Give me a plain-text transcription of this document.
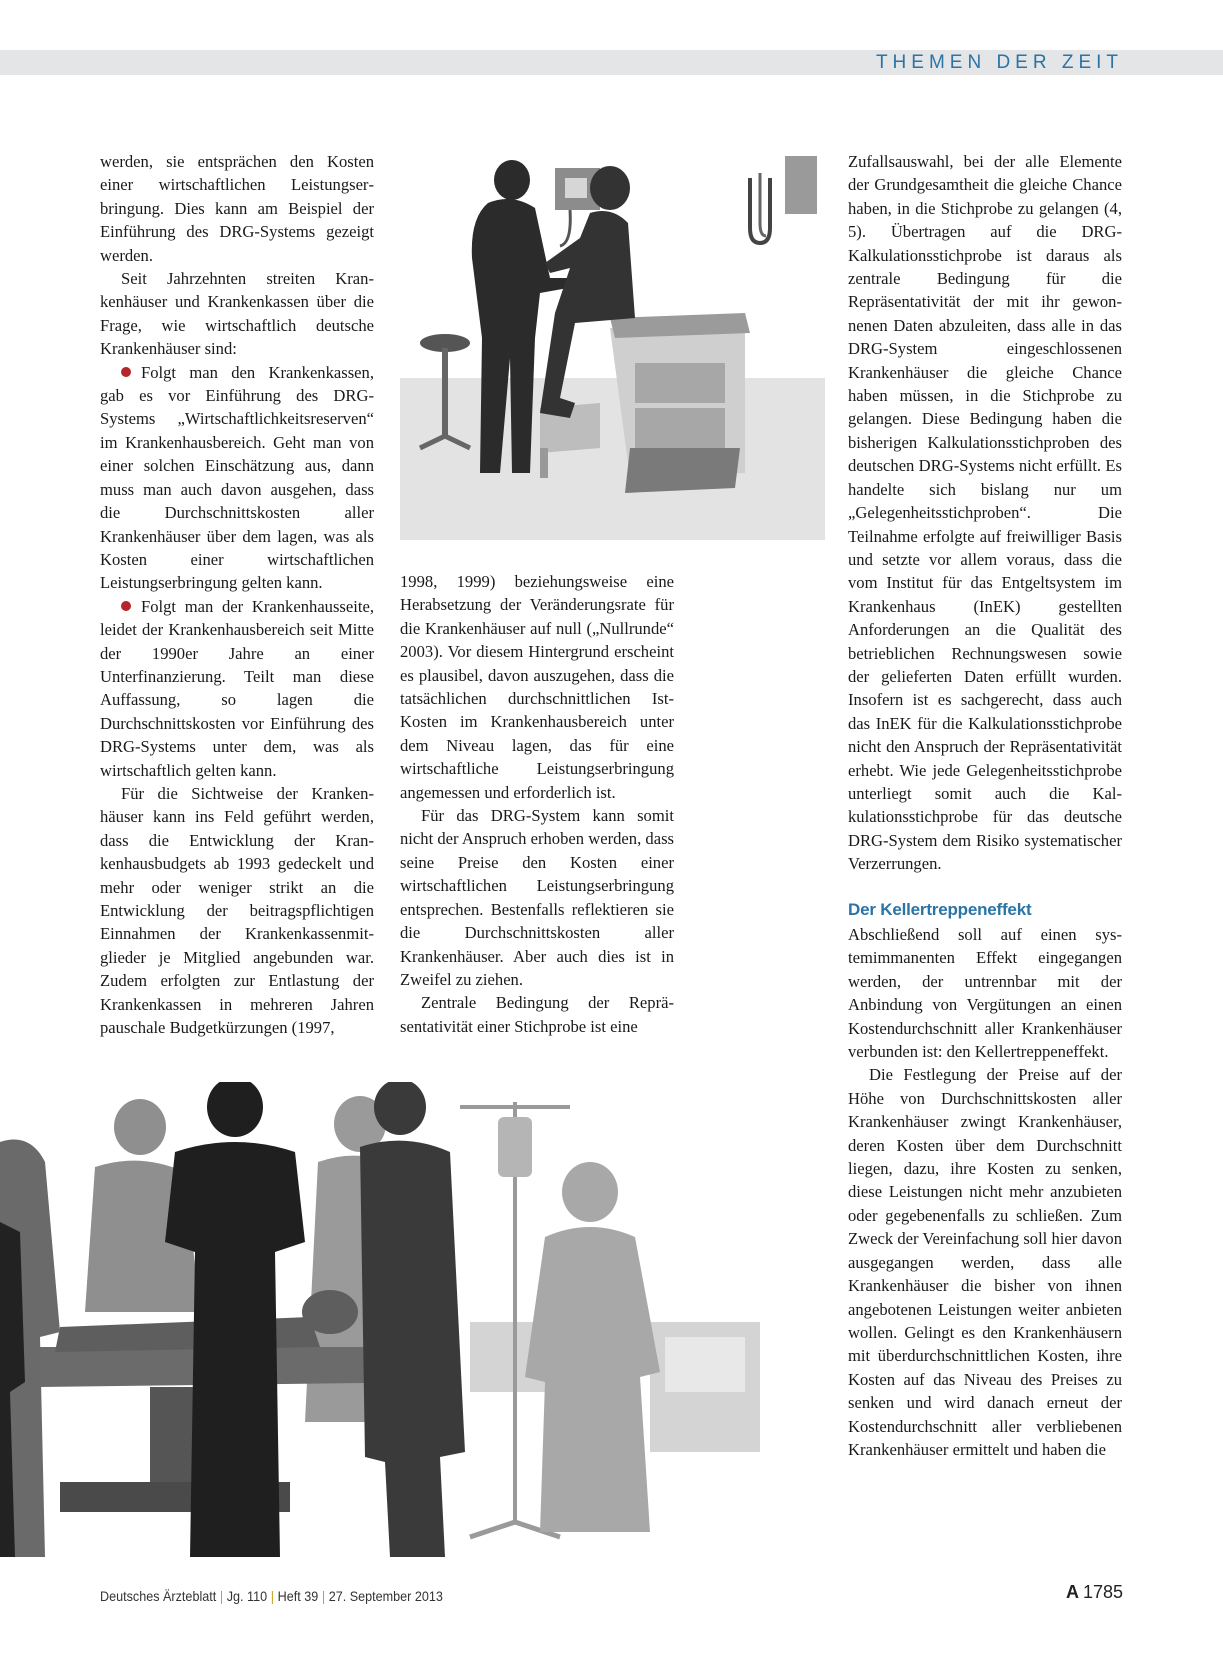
THEMEN DER ZEIT

werden, sie entsprächen den Kosten einer wirtschaftlichen Leistungserbringung. Dies kann am Beispiel der Einführung des DRG-Systems gezeigt werden.

Seit Jahrzehnten streiten Krankenhäuser und Krankenkassen über die Frage, wie wirtschaftlich deutsche Krankenhäuser sind:

Folgt man den Krankenkassen, gab es vor Einführung des DRG-Systems „Wirtschaftlichkeitsreserven“ im Krankenhausbereich. Geht man von einer solchen Einschätzung aus, dann muss man auch davon ausgehen, dass die Durchschnittskosten aller Krankenhäuser über dem lagen, was als Kosten einer wirtschaftlichen Leistungserbringung gelten kann.

Folgt man der Krankenhausseite, leidet der Krankenhausbereich seit Mitte der 1990er Jahre an einer Unterfinanzierung. Teilt man diese Auffassung, so lagen die Durchschnittskosten vor Einführung des DRG-Systems unter dem, was als wirtschaftlich gelten kann.

Für die Sichtweise der Krankenhäuser kann ins Feld geführt werden, dass die Entwicklung der Krankenhausbudgets ab 1993 gedeckelt und mehr oder weniger strikt an die Entwicklung der beitragspflichtigen Einnahmen der Krankenkassenmitglieder je Mitglied angebunden war. Zudem erfolgten zur Entlastung der Krankenkassen in mehreren Jahren pauschale Budgetkürzungen (1997,

1998, 1999) beziehungsweise eine Herabsetzung der Veränderungsrate für die Krankenhäuser auf null („Nullrunde“ 2003). Vor diesem Hintergrund erscheint es plausibel, davon auszugehen, dass die tatsächlichen durchschnittlichen Ist-Kosten im Krankenhausbereich unter dem Niveau lagen, das für eine wirtschaftliche Leistungserbringung angemessen und erforderlich ist.

Für das DRG-System kann somit nicht der Anspruch erhoben werden, dass seine Preise den Kosten einer wirtschaftlichen Leistungserbringung entsprechen. Bestenfalls reflektieren sie die Durchschnittskosten aller Krankenhäuser. Aber auch dies ist in Zweifel zu ziehen.

Zentrale Bedingung der Repräsentativität einer Stichprobe ist eine

Zufallsauswahl, bei der alle Elemente der Grundgesamtheit die gleiche Chance haben, in die Stichprobe zu gelangen (4, 5). Übertragen auf die DRG-Kalkulationsstichprobe ist daraus als zentrale Bedingung für die Repräsentativität der mit ihr gewonnenen Daten abzuleiten, dass alle in das DRG-System eingeschlossenen Krankenhäuser die gleiche Chance haben müssen, in die Stichprobe zu gelangen. Diese Bedingung haben die bisherigen Kalkulationsstichproben des deutschen DRG-Systems nicht erfüllt. Es handelte sich bislang nur um „Gelegenheitsstichproben“. Die Teilnahme erfolgte auf freiwilliger Basis und setzte vor allem voraus, dass die vom Institut für das Entgeltsystem im Krankenhaus (InEK) gestellten Anforderungen an die Qualität des betrieblichen Rechnungswesen sowie der gelieferten Daten erfüllt wurden. Insofern ist es sachgerecht, dass auch das InEK für die Kalkulationsstichprobe nicht den Anspruch der Repräsentativität erhebt. Wie jede Gelegenheitsstichprobe unterliegt somit auch die Kalkulationsstichprobe für das deutsche DRG-System dem Risiko systematischer Verzerrungen.

Der Kellertreppeneffekt

Abschließend soll auf einen systemimmanenten Effekt eingegangen werden, der untrennbar mit der Anbindung von Vergütungen an einen Kostendurchschnitt aller Krankenhäuser verbunden ist: den Kellertreppeneffekt.

Die Festlegung der Preise auf der Höhe von Durchschnittskosten aller Krankenhäuser zwingt Krankenhäuser, deren Kosten über dem Durchschnitt liegen, dazu, ihre Kosten zu senken, diese Leistungen nicht mehr anzubieten oder gegebenenfalls zu schließen. Zum Zweck der Vereinfachung soll hier davon ausgegangen werden, dass alle Krankenhäuser die bisher von ihnen angebotenen Leistungen weiter anbieten wollen. Gelingt es den Krankenhäusern mit überdurchschnittlichen Kosten, ihre Kosten auf das Niveau des Preises zu senken und wird danach erneut der Kostendurchschnitt aller verbliebenen Krankenhäuser ermittelt und haben die

Deutsches Ärzteblatt | Jg. 110 | Heft 39 | 27. September 2013	A 1785
